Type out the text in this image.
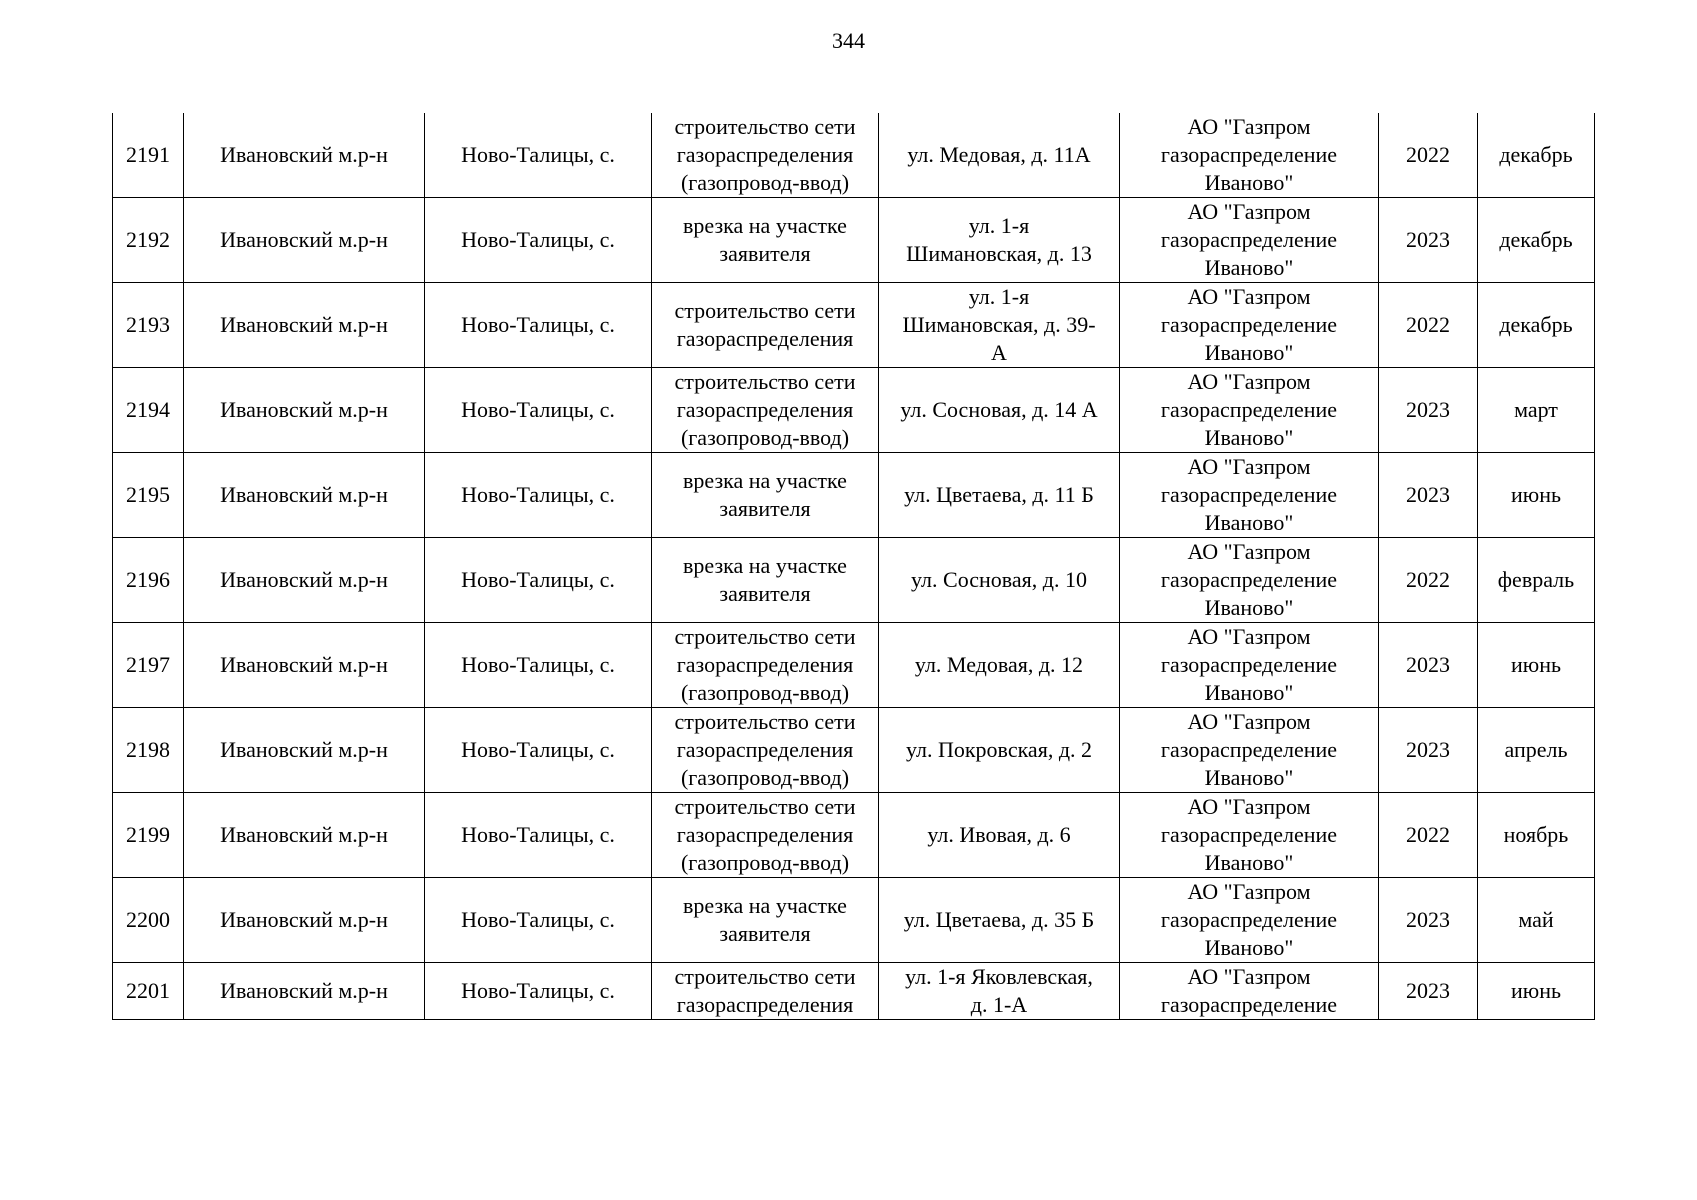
344
2191	Ивановский м.р-н	Ново-Талицы, с.	строительство сети
газораспределения
(газопровод-ввод)	ул. Медовая, д. 11А	АО "Газпром
газораспределение
Иваново"	2022	декабрь
2192	Ивановский м.р-н	Ново-Талицы, с.	врезка на участке
заявителя	ул. 1-я
Шимановская, д. 13	АО "Газпром
газораспределение
Иваново"	2023	декабрь
2193	Ивановский м.р-н	Ново-Талицы, с.	строительство сети
газораспределения	ул. 1-я
Шимановская, д. 39-
А	АО "Газпром
газораспределение
Иваново"	2022	декабрь
2194	Ивановский м.р-н	Ново-Талицы, с.	строительство сети
газораспределения
(газопровод-ввод)	ул. Сосновая, д. 14 А	АО "Газпром
газораспределение
Иваново"	2023	март
2195	Ивановский м.р-н	Ново-Талицы, с.	врезка на участке
заявителя	ул. Цветаева, д. 11 Б	АО "Газпром
газораспределение
Иваново"	2023	июнь
2196	Ивановский м.р-н	Ново-Талицы, с.	врезка на участке
заявителя	ул. Сосновая, д. 10	АО "Газпром
газораспределение
Иваново"	2022	февраль
2197	Ивановский м.р-н	Ново-Талицы, с.	строительство сети
газораспределения
(газопровод-ввод)	ул. Медовая, д. 12	АО "Газпром
газораспределение
Иваново"	2023	июнь
2198	Ивановский м.р-н	Ново-Талицы, с.	строительство сети
газораспределения
(газопровод-ввод)	ул. Покровская, д. 2	АО "Газпром
газораспределение
Иваново"	2023	апрель
2199	Ивановский м.р-н	Ново-Талицы, с.	строительство сети
газораспределения
(газопровод-ввод)	ул. Ивовая, д. 6	АО "Газпром
газораспределение
Иваново"	2022	ноябрь
2200	Ивановский м.р-н	Ново-Талицы, с.	врезка на участке
заявителя	ул. Цветаева, д. 35 Б	АО "Газпром
газораспределение
Иваново"	2023	май
2201	Ивановский м.р-н	Ново-Талицы, с.	строительство сети
газораспределения	ул. 1-я Яковлевская,
д. 1-А	АО "Газпром
газораспределение	2023	июнь
